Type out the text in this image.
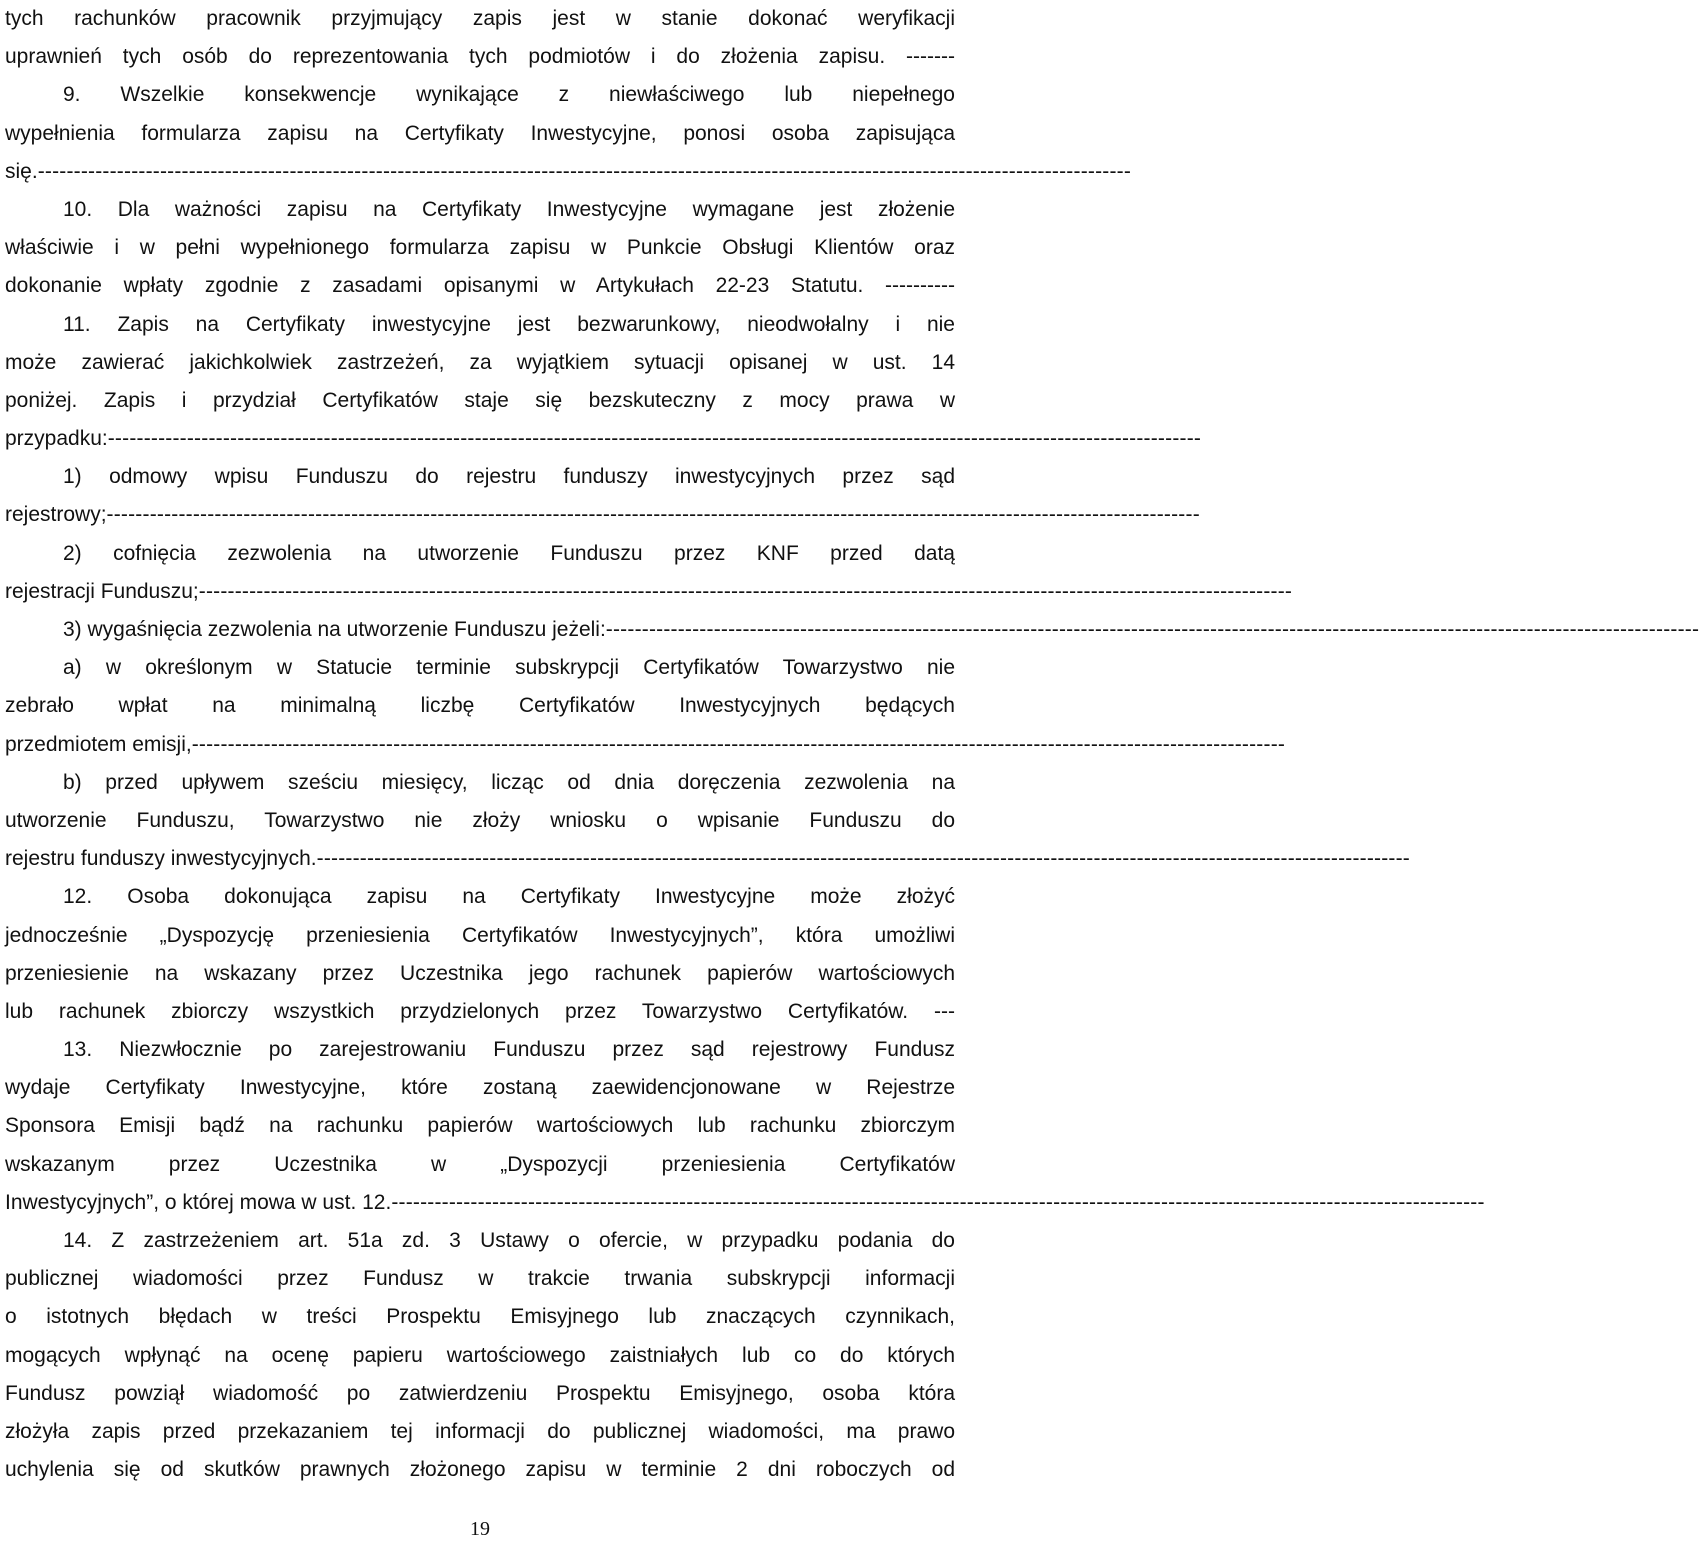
tych rachunków pracownik przyjmujący zapis jest w stanie dokonać weryfikacji
uprawnień tych osób do reprezentowania tych podmiotów i do złożenia zapisu. -------
9. Wszelkie konsekwencje wynikające z niewłaściwego lub niepełnego
wypełnienia formularza zapisu na Certyfikaty Inwestycyjne, ponosi osoba zapisująca
się. --------------------------------------------------------------------------------------------------------------------------------------------------------
10. Dla ważności zapisu na Certyfikaty Inwestycyjne wymagane jest złożenie
właściwie i w pełni wypełnionego formularza zapisu w Punkcie Obsługi Klientów oraz
dokonanie wpłaty zgodnie z zasadami opisanymi w Artykułach 22-23 Statutu. ----------
11. Zapis na Certyfikaty inwestycyjne jest bezwarunkowy, nieodwołalny i nie
może zawierać jakichkolwiek zastrzeżeń, za wyjątkiem sytuacji opisanej w ust. 14
poniżej. Zapis i przydział Certyfikatów staje się bezskuteczny z mocy prawa w
przypadku: --------------------------------------------------------------------------------------------------------------------------------------------------------
1) odmowy wpisu Funduszu do rejestru funduszy inwestycyjnych przez sąd
rejestrowy; --------------------------------------------------------------------------------------------------------------------------------------------------------
2) cofnięcia zezwolenia na utworzenie Funduszu przez KNF przed datą
rejestracji Funduszu; --------------------------------------------------------------------------------------------------------------------------------------------------------
3) wygaśnięcia zezwolenia na utworzenie Funduszu jeżeli: --------------------------------------------------------------------------------------------------------------------------------------------------------
a) w określonym w Statucie terminie subskrypcji Certyfikatów Towarzystwo nie
zebrało wpłat na minimalną liczbę Certyfikatów Inwestycyjnych będących
przedmiotem emisji, --------------------------------------------------------------------------------------------------------------------------------------------------------
b) przed upływem sześciu miesięcy, licząc od dnia doręczenia zezwolenia na
utworzenie Funduszu, Towarzystwo nie złoży wniosku o wpisanie Funduszu do
rejestru funduszy inwestycyjnych. --------------------------------------------------------------------------------------------------------------------------------------------------------
12. Osoba dokonująca zapisu na Certyfikaty Inwestycyjne może złożyć
jednocześnie „Dyspozycję przeniesienia Certyfikatów Inwestycyjnych”, która umożliwi
przeniesienie na wskazany przez Uczestnika jego rachunek papierów wartościowych
lub rachunek zbiorczy wszystkich przydzielonych przez Towarzystwo Certyfikatów. ---
13. Niezwłocznie po zarejestrowaniu Funduszu przez sąd rejestrowy Fundusz
wydaje Certyfikaty Inwestycyjne, które zostaną zaewidencjonowane w Rejestrze
Sponsora Emisji bądź na rachunku papierów wartościowych lub rachunku zbiorczym
wskazanym przez Uczestnika w „Dyspozycji przeniesienia Certyfikatów
Inwestycyjnych”, o której mowa w ust. 12. --------------------------------------------------------------------------------------------------------------------------------------------------------
14. Z zastrzeżeniem art. 51a zd. 3 Ustawy o ofercie, w przypadku podania do
publicznej wiadomości przez Fundusz w trakcie trwania subskrypcji informacji
o istotnych błędach w treści Prospektu Emisyjnego lub znaczących czynnikach,
mogących wpłynąć na ocenę papieru wartościowego zaistniałych lub co do których
Fundusz powziął wiadomość po zatwierdzeniu Prospektu Emisyjnego, osoba która
złożyła zapis przed przekazaniem tej informacji do publicznej wiadomości, ma prawo
uchylenia się od skutków prawnych złożonego zapisu w terminie 2 dni roboczych od
19
